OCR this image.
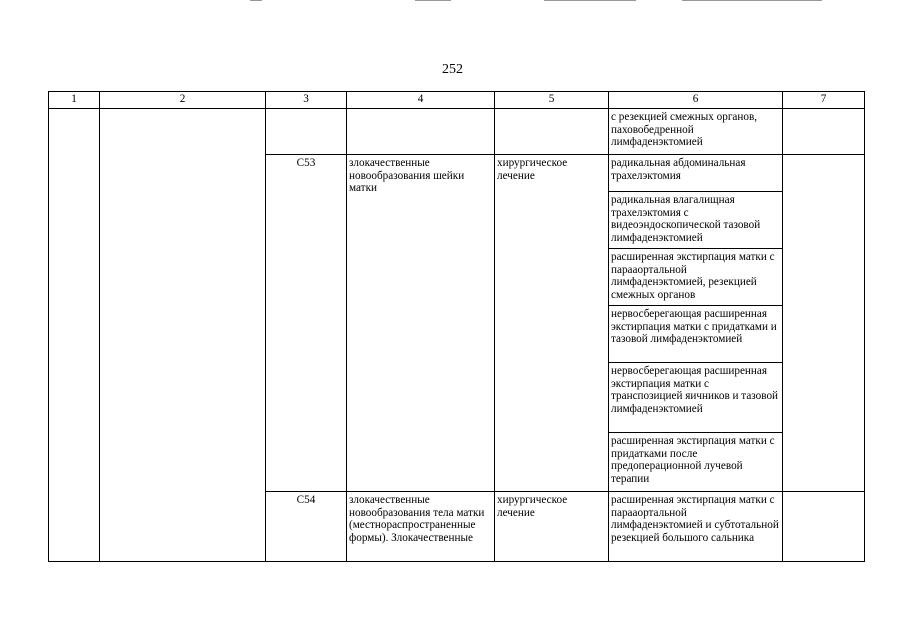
252
1	2	3	4	5	6	7
					с резекцией смежных органов, паховобедренной лимфаденэктомией	
		C53	злокачественные новообразования шейки матки	хирургическое лечение	радикальная абдоминальная трахелэктомия	
					радикальная влагалищная трахелэктомия с видеоэндоскопической тазовой лимфаденэктомией	
					расширенная экстирпация матки с парааортальной лимфаденэктомией, резекцией смежных органов	
					нервосберегающая расширенная экстирпация матки с придатками и тазовой лимфаденэктомией	
					нервосберегающая расширенная экстирпация матки с транспозицией яичников и тазовой лимфаденэктомией	
					расширенная экстирпация матки с придатками после предоперационной лучевой терапии	
		C54	злокачественные новообразования тела матки (местнораспространенные формы). Злокачественные	хирургическое лечение	расширенная экстирпация матки с парааортальной лимфаденэктомией и субтотальной резекцией большого сальника	
